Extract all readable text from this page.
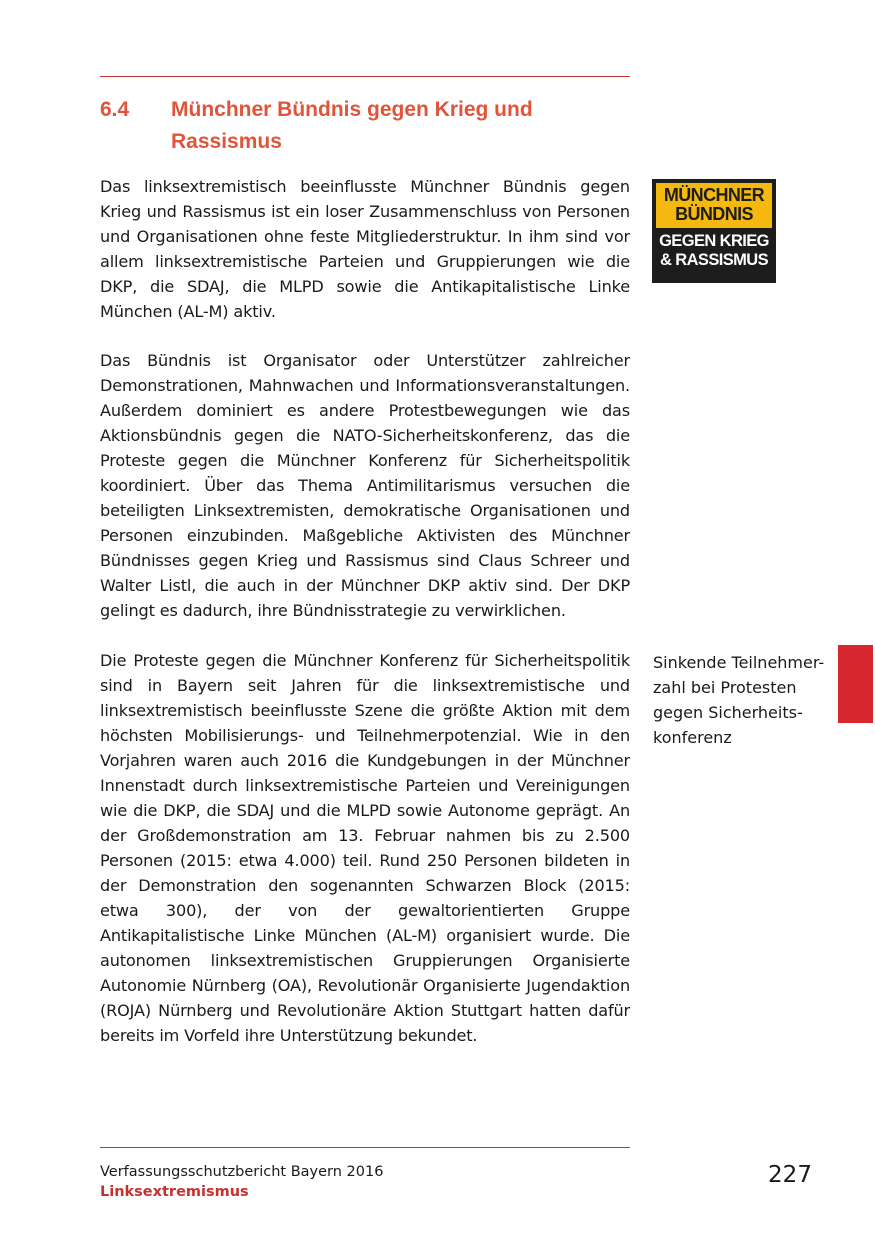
6.4 Münchner Bündnis gegen Krieg und Rassismus

Das linksextremistisch beeinflusste Münchner Bündnis gegen Krieg und Rassismus ist ein loser Zusammenschluss von Personen und Organisationen ohne feste Mitgliederstruktur. In ihm sind vor allem linksextremistische Parteien und Gruppierungen wie die DKP, die SDAJ, die MLPD sowie die Antikapitalistische Linke München (AL-M) aktiv.

Das Bündnis ist Organisator oder Unterstützer zahlreicher Demonstrationen, Mahnwachen und Informationsveranstaltungen. Außerdem dominiert es andere Protestbewegungen wie das Aktionsbündnis gegen die NATO-Sicherheitskonferenz, das die Proteste gegen die Münchner Konferenz für Sicherheitspolitik koordiniert. Über das Thema Antimilitarismus versuchen die beteiligten Linksextremisten, demokratische Organisationen und Personen einzubinden. Maßgebliche Aktivisten des Münchner Bündnisses gegen Krieg und Rassismus sind Claus Schreer und Walter Listl, die auch in der Münchner DKP aktiv sind. Der DKP gelingt es dadurch, ihre Bündnisstrategie zu verwirklichen.

Die Proteste gegen die Münchner Konferenz für Sicherheitspolitik sind in Bayern seit Jahren für die linksextremistische und linksextremistisch beeinflusste Szene die größte Aktion mit dem höchsten Mobilisierungs- und Teilnehmerpotenzial. Wie in den Vorjahren waren auch 2016 die Kundgebungen in der Münchner Innenstadt durch linksextremistische Parteien und Vereinigungen wie die DKP, die SDAJ und die MLPD sowie Autonome geprägt. An der Großdemonstration am 13. Februar nahmen bis zu 2.500 Personen (2015: etwa 4.000) teil. Rund 250 Personen bildeten in der Demonstration den sogenannten Schwarzen Block (2015: etwa 300), der von der gewaltorientierten Gruppe Antikapitalistische Linke München (AL-M) organisiert wurde. Die autonomen linksextremistischen Gruppierungen Organisierte Autonomie Nürnberg (OA), Revolutionär Organisierte Jugendaktion (ROJA) Nürnberg und Revolutionäre Aktion Stuttgart hatten dafür bereits im Vorfeld ihre Unterstützung bekundet.

MÜNCHNER
BÜNDNIS
GEGEN KRIEG
& RASSISMUS
Sinkende Teilnehmer-
zahl bei Protesten
gegen Sicherheits-
konferenz
Verfassungsschutzbericht Bayern 2016
Linksextremismus
227
